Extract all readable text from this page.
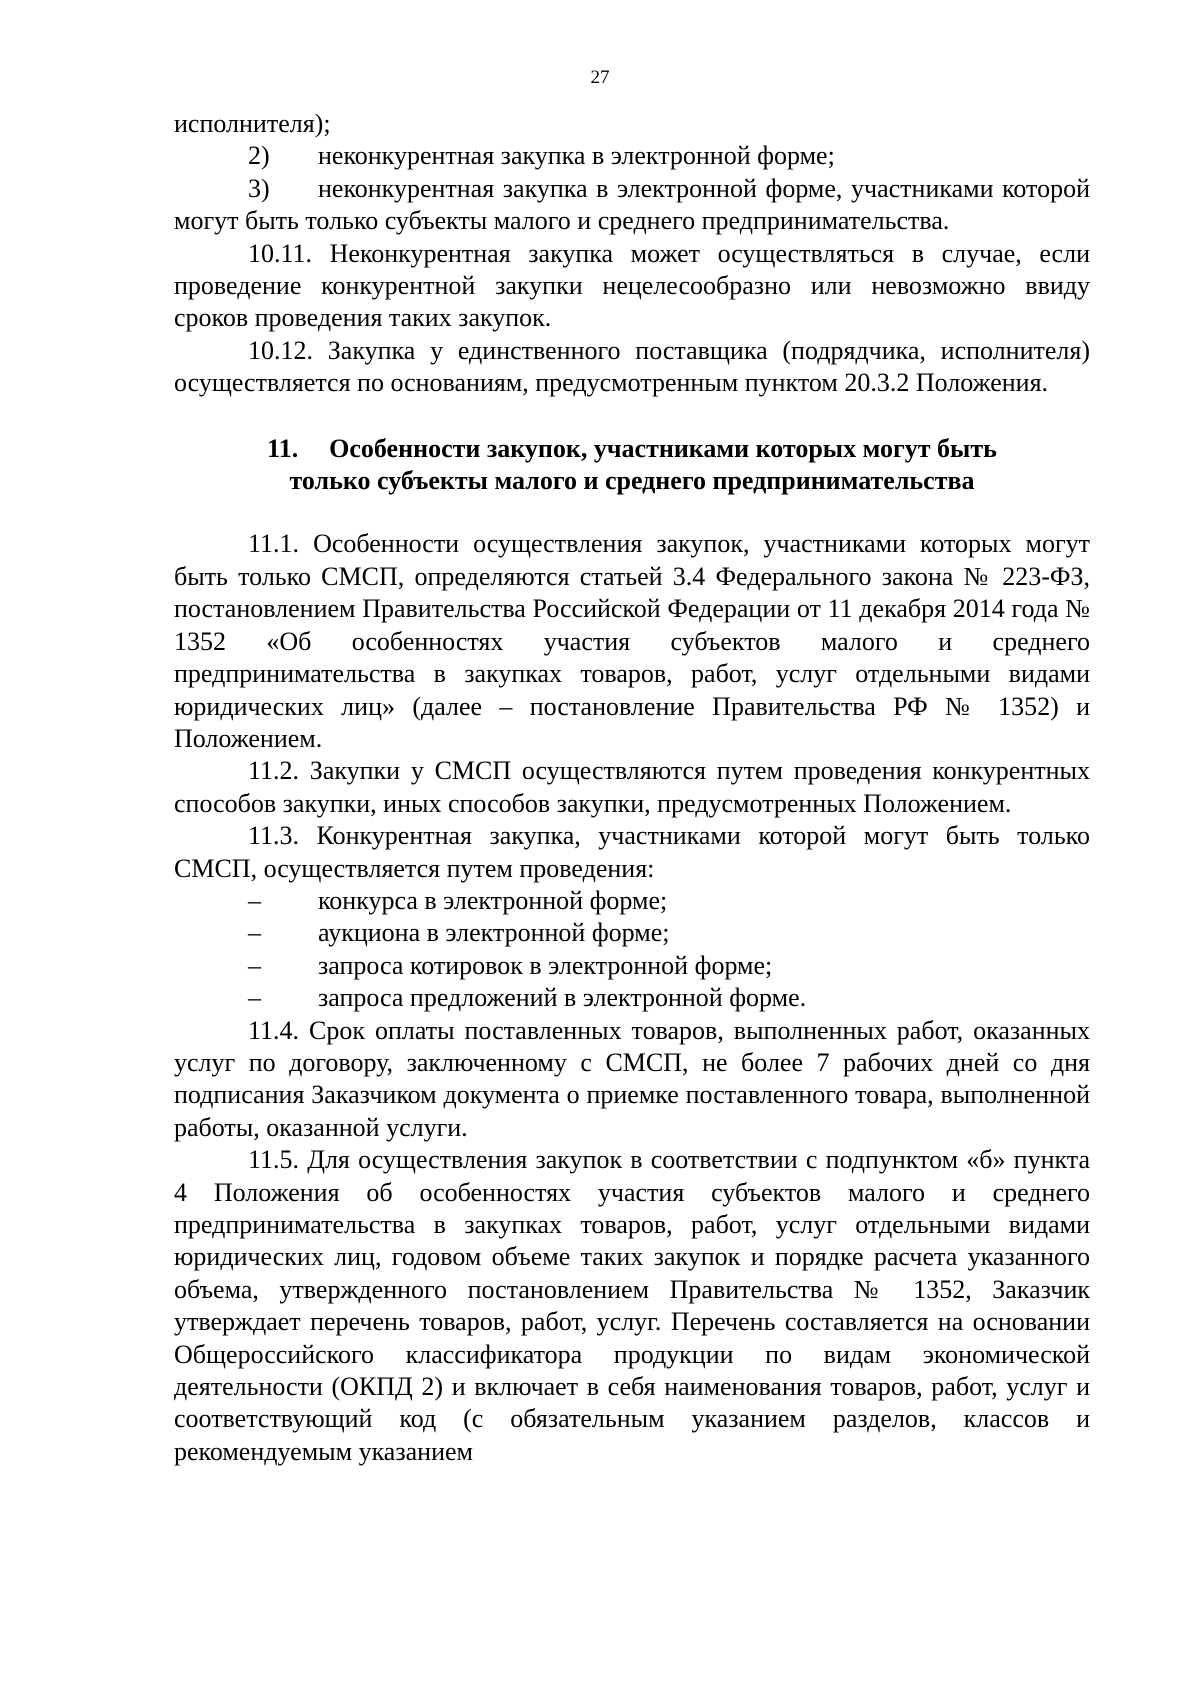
27

исполнителя);

2) неконкурентная закупка в электронной форме;

3) неконкурентная закупка в электронной форме, участниками которой могут быть только субъекты малого и среднего предпринимательства.

10.11. Неконкурентная закупка может осуществляться в случае, если проведение конкурентной закупки нецелесообразно или невозможно ввиду сроков проведения таких закупок.

10.12. Закупка у единственного поставщика (подрядчика, исполнителя) осуществляется по основаниям, предусмотренным пунктом 20.3.2 Положения.

11. Особенности закупок, участниками которых могут быть
только субъекты малого и среднего предпринимательства

11.1. Особенности осуществления закупок, участниками которых могут быть только СМСП, определяются статьей 3.4 Федерального закона № 223-ФЗ, постановлением Правительства Российской Федерации от 11 декабря 2014 года № 1352 «Об особенностях участия субъектов малого и среднего предпринимательства в закупках товаров, работ, услуг отдельными видами юридических лиц» (далее – постановление Правительства РФ № 1352) и Положением.

11.2. Закупки у СМСП осуществляются путем проведения конкурентных способов закупки, иных способов закупки, предусмотренных Положением.

11.3. Конкурентная закупка, участниками которой могут быть только СМСП, осуществляется путем проведения:

– конкурса в электронной форме;

– аукциона в электронной форме;

– запроса котировок в электронной форме;

– запроса предложений в электронной форме.

11.4. Срок оплаты поставленных товаров, выполненных работ, оказанных услуг по договору, заключенному с СМСП, не более 7 рабочих дней со дня подписания Заказчиком документа о приемке поставленного товара, выполненной работы, оказанной услуги.

11.5. Для осуществления закупок в соответствии с подпунктом «б» пункта 4 Положения об особенностях участия субъектов малого и среднего предпринимательства в закупках товаров, работ, услуг отдельными видами юридических лиц, годовом объеме таких закупок и порядке расчета указанного объема, утвержденного постановлением Правительства № 1352, Заказчик утверждает перечень товаров, работ, услуг. Перечень составляется на основании Общероссийского классификатора продукции по видам экономической деятельности (ОКПД 2) и включает в себя наименования товаров, работ, услуг и соответствующий код (с обязательным указанием разделов, классов и рекомендуемым указанием
